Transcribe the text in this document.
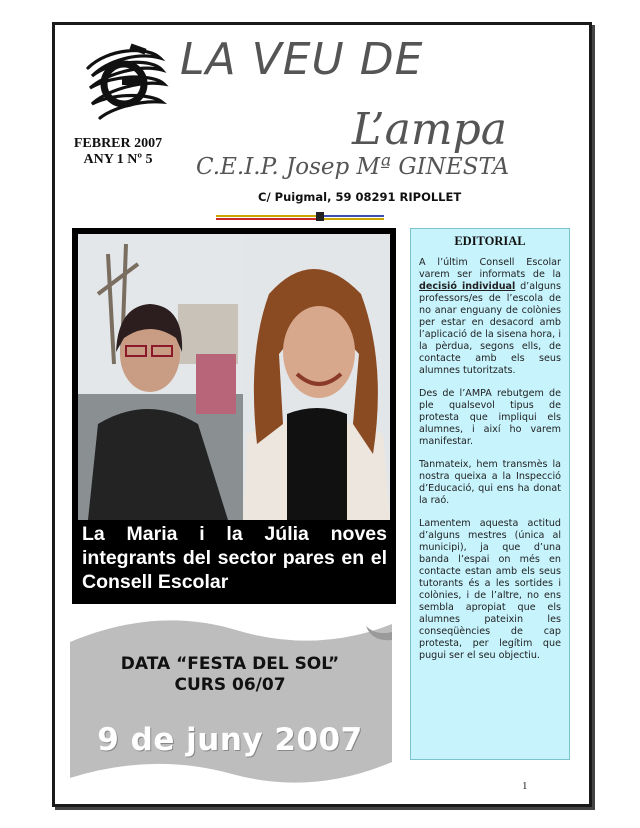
LA VEU DE
L’ampa
FEBRER 2007
ANY 1 Nº 5	C.E.I.P. Josep Mª GINESTA
C/ Puigmal, 59 08291 RIPOLLET
La Maria i la Júlia noves integrants del sector pares en el Consell Escolar
EDITORIAL

A l’últim Consell Escolar varem ser informats de la decisió individual d’alguns professors/es de l’escola de no anar enguany de colònies per estar en desacord amb l’aplicació de la sisena hora, i la pèrdua, segons ells, de contacte amb els seus alumnes tutoritzats.

Des de l’AMPA rebutgem de ple qualsevol tipus de protesta que impliqui els alumnes, i així ho varem manifestar.

Tanmateix, hem transmès la nostra queixa a la Inspecció d’Educació, qui ens ha donat la raó.

Lamentem aquesta actitud d’alguns mestres (única al municipi), ja que d’una banda l’espai on més en contacte estan amb els seus tutorants és a les sortides i colònies, i de l’altre, no ens sembla apropiat que els alumnes pateixin les conseqüències de cap protesta, per legítim que pugui ser el seu objectiu.

DATA “FESTA DEL SOL”
CURS 06/07
9 de juny 2007
1
